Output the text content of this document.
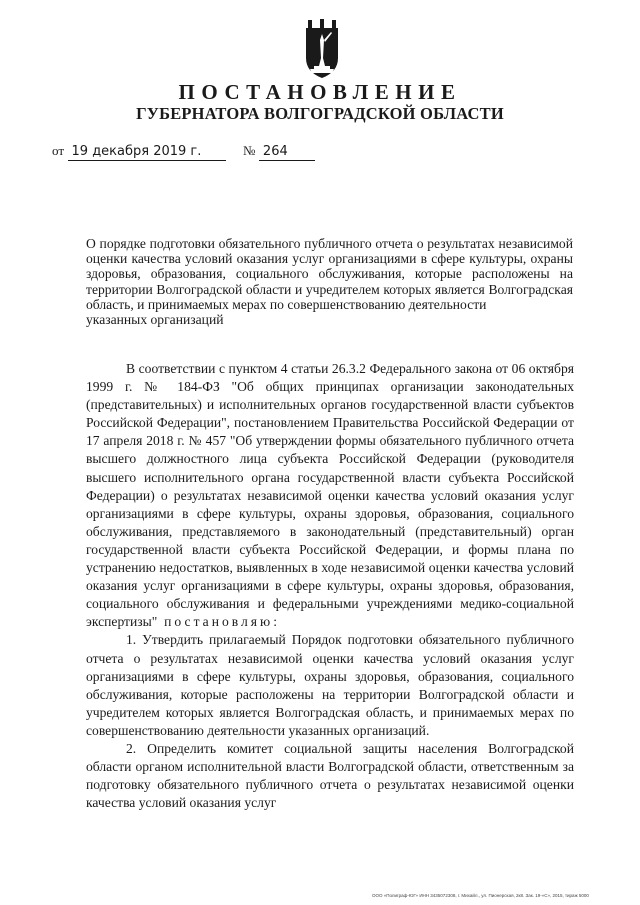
ПОСТАНОВЛЕНИЕ
ГУБЕРНАТОРА ВОЛГОГРАДСКОЙ ОБЛАСТИ
от 19 декабря 2019 г.	№ 264
О порядке подготовки обязательного публичного отчета о результатах независимой оценки качества условий оказания услуг организациями в сфере культуры, охраны здоровья, образования, социального обслуживания, которые расположены на территории Волгоградской области и учредителем которых является Волгоградская область, и принимаемых мерах по совершенствованию деятельности
указанных организаций

В соответствии с пунктом 4 статьи 26.3.2 Федерального закона от 06 октября 1999 г. № 184-ФЗ "Об общих принципах организации законодательных (представительных) и исполнительных органов государственной власти субъектов Российской Федерации", постановлением Правительства Российской Федерации от 17 апреля 2018 г. № 457 "Об утверждении формы обязательного публичного отчета высшего должностного лица субъекта Российской Федерации (руководителя высшего исполнительного органа государственной власти субъекта Российской Федерации) о результатах независимой оценки качества условий оказания услуг организациями в сфере культуры, охраны здоровья, образования, социального обслуживания, представляемого в законодательный (представительный) орган государственной власти субъекта Российской Федерации, и формы плана по устранению недостатков, выявленных в ходе независимой оценки качества условий оказания услуг организациями в сфере культуры, охраны здоровья, образования, социального обслуживания и федеральными учреждениями медико-социальной экспертизы" постановляю:

1. Утвердить прилагаемый Порядок подготовки обязательного публичного отчета о результатах независимой оценки качества условий оказания услуг организациями в сфере культуры, охраны здоровья, образования, социального обслуживания, которые расположены на территории Волгоградской области и учредителем которых является Волгоградская область, и принимаемых мерах по совершенствованию деятельности указанных организаций.

2. Определить комитет социальной защиты населения Волгоградской области органом исполнительной власти Волгоградской области, ответственным за подготовку обязательного публичного отчета о результатах независимой оценки качества условий оказания услуг

ООО «Полиграф-ЮГ» ИНН 3435072308, г. Михайл., ул. Пионерская, 2к8. Зак. 19-«С», 2015, тираж 5000
